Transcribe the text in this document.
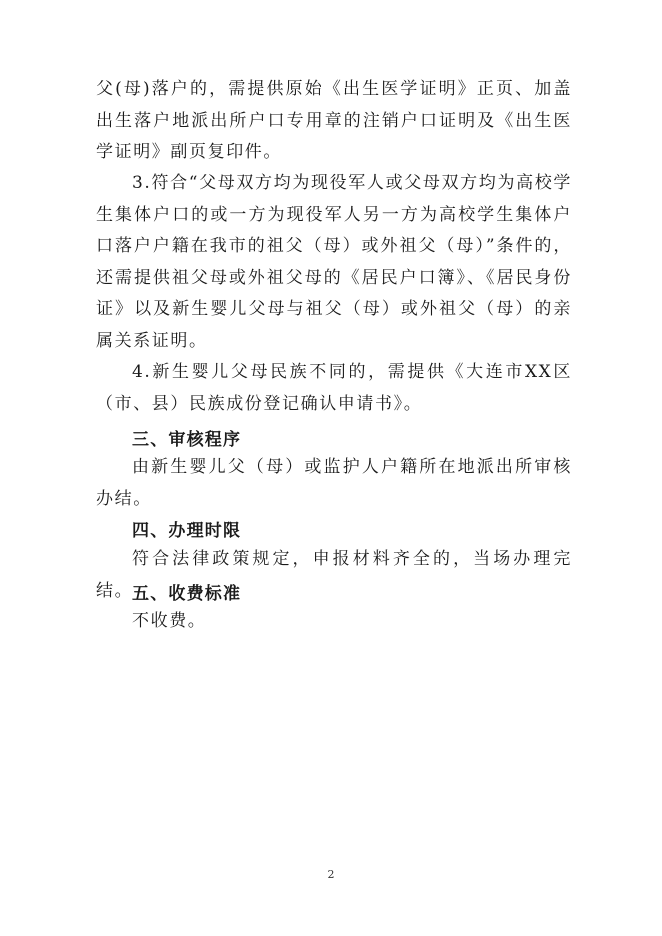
父(母)落户的，需提供原始《出生医学证明》正页、加盖出生落户地派出所户口专用章的注销户口证明及《出生医学证明》副页复印件。

3.符合“父母双方均为现役军人或父母双方均为高校学生集体户口的或一方为现役军人另一方为高校学生集体户口落户户籍在我市的祖父（母）或外祖父（母）”条件的，还需提供祖父母或外祖父母的《居民户口簿》、《居民身份证》以及新生婴儿父母与祖父（母）或外祖父（母）的亲属关系证明。

4.新生婴儿父母民族不同的，需提供《大连市XX区（市、县）民族成份登记确认申请书》。

三、审核程序

由新生婴儿父（母）或监护人户籍所在地派出所审核办结。

四、办理时限

符合法律政策规定，申报材料齐全的，当场办理完结。

五、收费标准

不收费。

2
